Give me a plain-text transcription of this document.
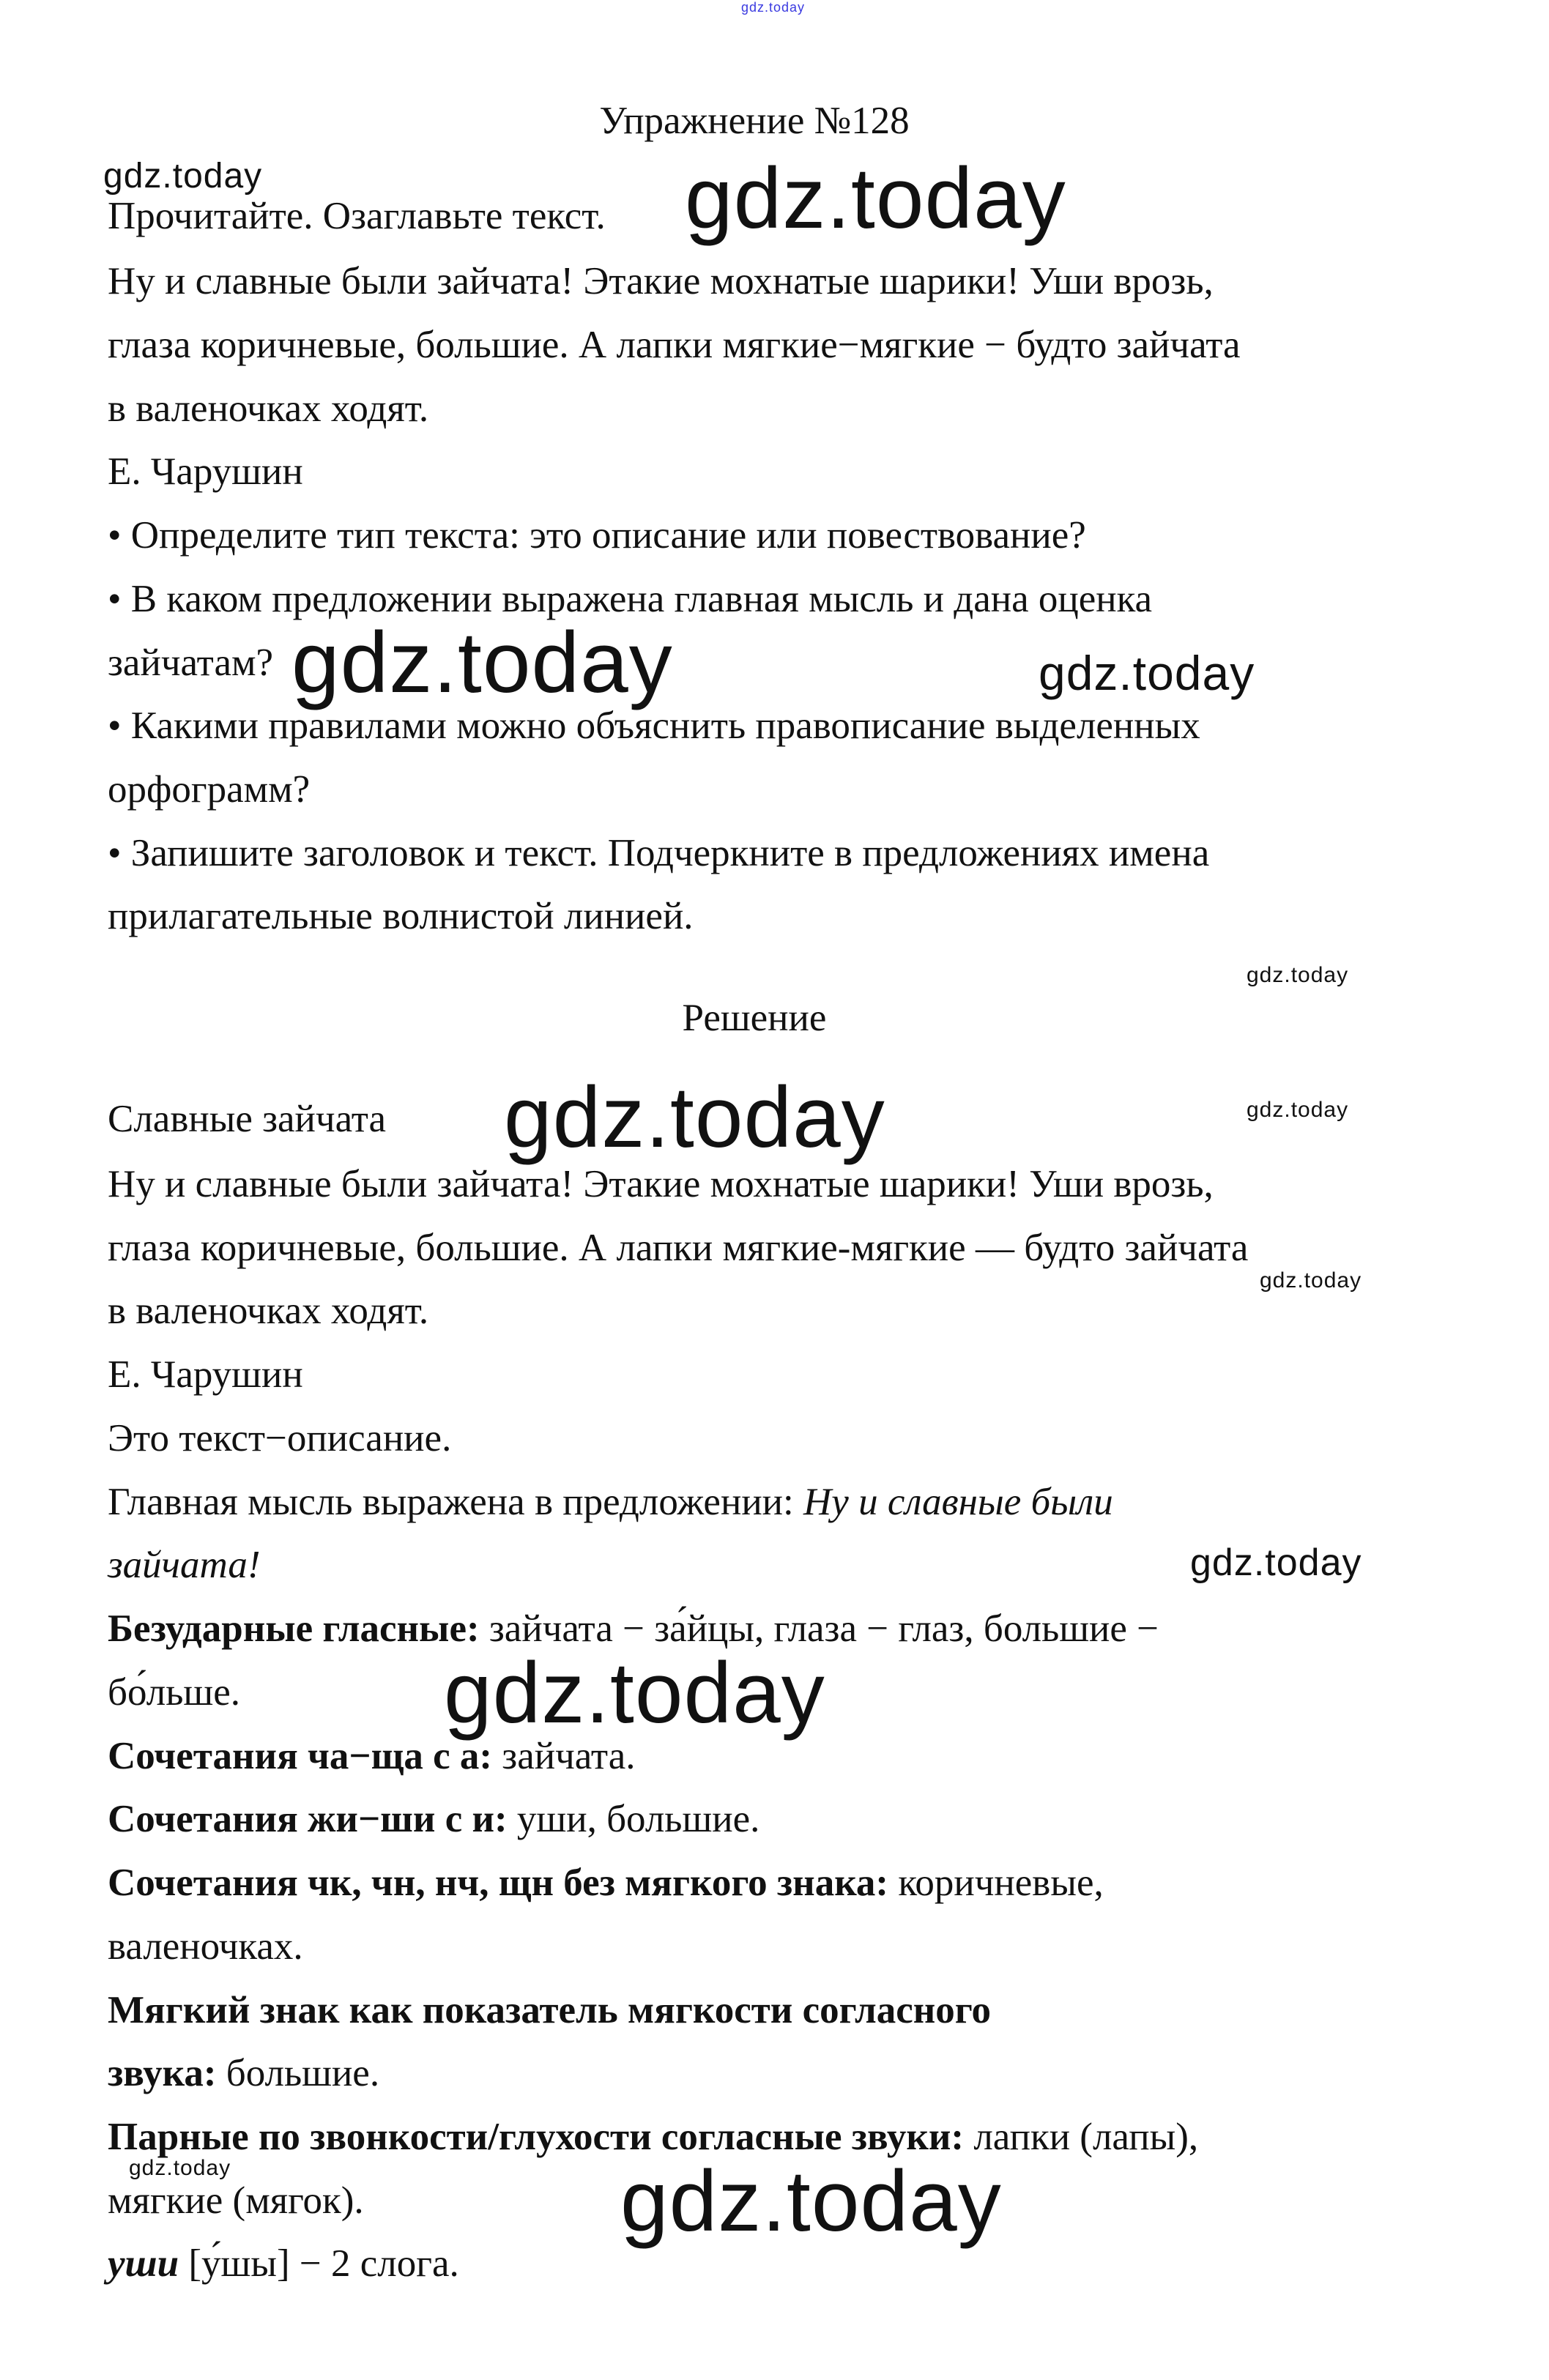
gdz.today
Упражнение №128
Прочитайте. Озаглавьте текст.
Ну и славные были зайчата! Этакие мохнатые шарики! Уши врозь,
глаза коричневые, большие. А лапки мягкие−мягкие − будто зайчата
в валеночках ходят.
Е. Чарушин
• Определите тип текста: это описание или повествование?
• В каком предложении выражена главная мысль и дана оценка
зайчатам?
• Какими правилами можно объяснить правописание выделенных
орфограмм?
• Запишите заголовок и текст. Подчеркните в предложениях имена
прилагательные волнистой линией.
Решение
Славные зайчата
Ну и славные были зайчата! Этакие мохнатые шарики! Уши врозь,
глаза коричневые, большие. А лапки мягкие-мягкие — будто зайчата
в валеночках ходят.
Е. Чарушин
Это текст−описание.
Главная мысль выражена в предложении: Ну и славные были
зайчата!
Безударные гласные: зайчата − за́йцы, глаза − глаз, большие −
бо́льше.
Сочетания ча−ща с а: зайчата.
Сочетания жи−ши с и: уши, большие.
Сочетания чк, чн, нч, щн без мягкого знака: коричневые,
валеночках.
Мягкий знак как показатель мягкости согласного
звука: большие.
Парные по звонкости/глухости согласные звуки: лапки (лапы),
мягкие (мягок).
уши [у́шы] − 2 слога.
gdz.today
gdz.today
gdz.today	gdz.today
gdz.today
gdz.today
gdz.today
gdz.today
gdz.today
gdz.today
gdz.today	gdz.today
